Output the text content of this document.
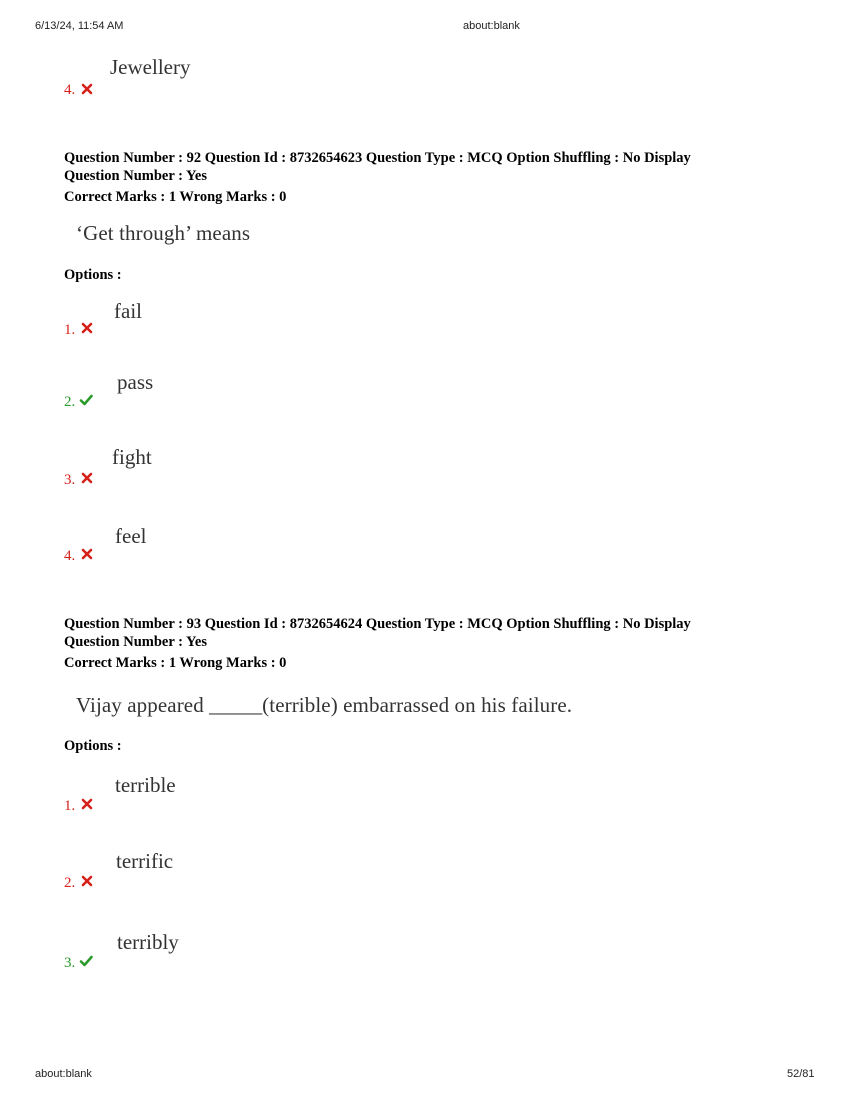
6/13/24, 11:54 AM	about:blank
Jewellery
4.
Question Number : 92 Question Id : 8732654623 Question Type : MCQ Option Shuffling : No Display
Question Number : Yes
Correct Marks : 1 Wrong Marks : 0
‘Get through’ means
Options :
fail
1.
pass
2.
fight
3.
feel
4.
Question Number : 93 Question Id : 8732654624 Question Type : MCQ Option Shuffling : No Display
Question Number : Yes
Correct Marks : 1 Wrong Marks : 0
Vijay appeared _____(terrible) embarrassed on his failure.
Options :
terrible
1.
terrific
2.
terribly
3.
about:blank	52/81
